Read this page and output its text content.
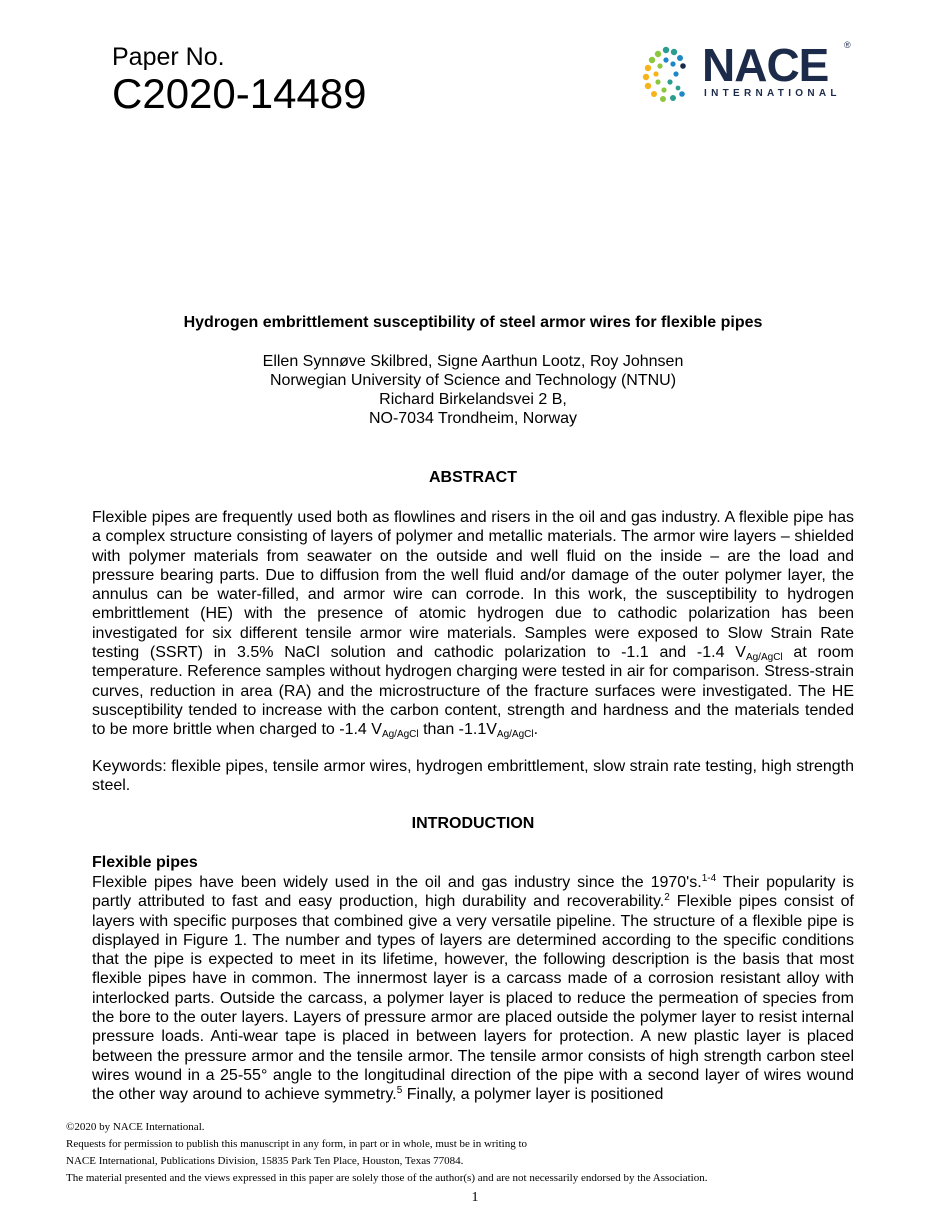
Paper No.
C2020-14489
NACE ®
INTERNATIONAL
Hydrogen embrittlement susceptibility of steel armor wires for flexible pipes
Ellen Synnøve Skilbred, Signe Aarthun Lootz, Roy Johnsen
Norwegian University of Science and Technology (NTNU)
Richard Birkelandsvei 2 B,
NO-7034 Trondheim, Norway
ABSTRACT

Flexible pipes are frequently used both as flowlines and risers in the oil and gas industry. A flexible pipe has a complex structure consisting of layers of polymer and metallic materials. The armor wire layers – shielded with polymer materials from seawater on the outside and well fluid on the inside – are the load and pressure bearing parts. Due to diffusion from the well fluid and/or damage of the outer polymer layer, the annulus can be water-filled, and armor wire can corrode. In this work, the susceptibility to hydrogen embrittlement (HE) with the presence of atomic hydrogen due to cathodic polarization has been investigated for six different tensile armor wire materials. Samples were exposed to Slow Strain Rate testing (SSRT) in 3.5% NaCl solution and cathodic polarization to -1.1 and -1.4 $V_{Ag/AgCl}$ at room temperature. Reference samples without hydrogen charging were tested in air for comparison. Stress-strain curves, reduction in area (RA) and the microstructure of the fracture surfaces were investigated. The HE susceptibility tended to increase with the carbon content, strength and hardness and the materials tended to be more brittle when charged to -1.4 $V_{Ag/AgCl}$ than $-1.1V_{Ag/AgCl}$.

Keywords: flexible pipes, tensile armor wires, hydrogen embrittlement, slow strain rate testing, high strength steel.

INTRODUCTION
Flexible pipes

Flexible pipes have been widely used in the oil and gas industry since the 1970's.$^{1-4}$ Their popularity is partly attributed to fast and easy production, high durability and recoverability.$^2$ Flexible pipes consist of layers with specific purposes that combined give a very versatile pipeline. The structure of a flexible pipe is displayed in Figure 1. The number and types of layers are determined according to the specific conditions that the pipe is expected to meet in its lifetime, however, the following description is the basis that most flexible pipes have in common. The innermost layer is a carcass made of a corrosion resistant alloy with interlocked parts. Outside the carcass, a polymer layer is placed to reduce the permeation of species from the bore to the outer layers. Layers of pressure armor are placed outside the polymer layer to resist internal pressure loads. Anti-wear tape is placed in between layers for protection. A new plastic layer is placed between the pressure armor and the tensile armor. The tensile armor consists of high strength carbon steel wires wound in a 25-55° angle to the longitudinal direction of the pipe with a second layer of wires wound the other way around to achieve symmetry.$^5$ Finally, a polymer layer is positioned

©2020 by NACE International.
Requests for permission to publish this manuscript in any form, in part or in whole, must be in writing to
NACE International, Publications Division, 15835 Park Ten Place, Houston, Texas 77084.
The material presented and the views expressed in this paper are solely those of the author(s) and are not necessarily endorsed by the Association.
1
